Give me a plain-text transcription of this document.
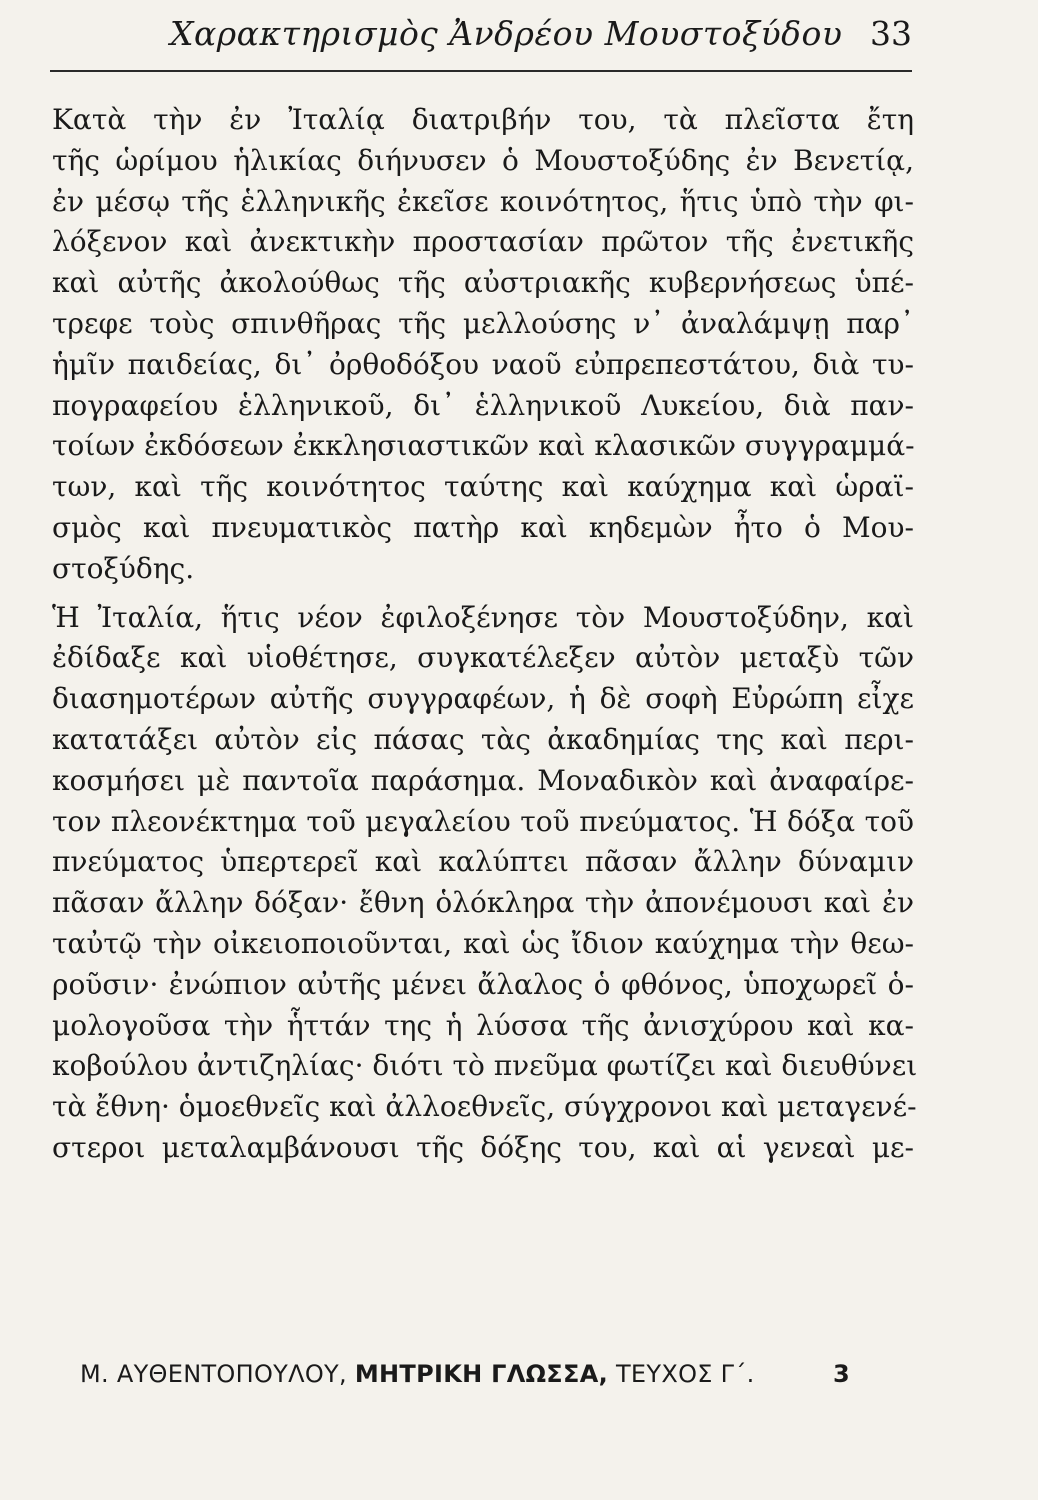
Χαρακτηρισμὸς Ἀνδρέου Μουστοξύδου 33
Κατὰ τὴν ἐν Ἰταλίᾳ διατριβήν του, τὰ πλεῖστα ἔτη
τῆς ὡρίμου ἡλικίας διήνυσεν ὁ Μουστοξύδης ἐν Βενετίᾳ,
ἐν μέσῳ τῆς ἑλληνικῆς ἐκεῖσε κοινότητος, ἥτις ὑπὸ τὴν φι-
λόξενον καὶ ἀνεκτικὴν προστασίαν πρῶτον τῆς ἐνετικῆς
καὶ αὐτῆς ἀκολούθως τῆς αὐστριακῆς κυβερνήσεως ὑπέ-
τρεφε τοὺς σπινθῆρας τῆς μελλούσης ν᾽ ἀναλάμψῃ παρ᾽
ἡμῖν παιδείας, δι᾽ ὀρθοδόξου ναοῦ εὐπρεπεστάτου, διὰ τυ-
πογραφείου ἑλληνικοῦ, δι᾽ ἑλληνικοῦ Λυκείου, διὰ παν-
τοίων ἐκδόσεων ἐκκλησιαστικῶν καὶ κλασικῶν συγγραμμά-
των, καὶ τῆς κοινότητος ταύτης καὶ καύχημα καὶ ὡραϊ-
σμὸς καὶ πνευματικὸς πατὴρ καὶ κηδεμὼν ἦτο ὁ Μου-
στοξύδης.
Ἡ Ἰταλία, ἥτις νέον ἐφιλοξένησε τὸν Μουστοξύδην, καὶ
ἐδίδαξε καὶ υἱοθέτησε, συγκατέλεξεν αὐτὸν μεταξὺ τῶν
διασημοτέρων αὐτῆς συγγραφέων, ἡ δὲ σοφὴ Εὐρώπη εἶχε
κατατάξει αὐτὸν εἰς πάσας τὰς ἀκαδημίας της καὶ περι-
κοσμήσει μὲ παντοῖα παράσημα. Μοναδικὸν καὶ ἀναφαίρε-
τον πλεονέκτημα τοῦ μεγαλείου τοῦ πνεύματος. Ἡ δόξα τοῦ
πνεύματος ὑπερτερεῖ καὶ καλύπτει πᾶσαν ἄλλην δύναμιν
πᾶσαν ἄλλην δόξαν· ἔθνη ὁλόκληρα τὴν ἀπονέμουσι καὶ ἐν
ταὐτῷ τὴν οἰκειοποιοῦνται, καὶ ὡς ἴδιον καύχημα τὴν θεω-
ροῦσιν· ἐνώπιον αὐτῆς μένει ἄλαλος ὁ φθόνος, ὑποχωρεῖ ὁ-
μολογοῦσα τὴν ἧττάν της ἡ λύσσα τῆς ἀνισχύρου καὶ κα-
κοβούλου ἀντιζηλίας· διότι τὸ πνεῦμα φωτίζει καὶ διευθύνει
τὰ ἔθνη· ὁμοεθνεῖς καὶ ἀλλοεθνεῖς, σύγχρονοι καὶ μεταγενέ-
στεροι μεταλαμβάνουσι τῆς δόξης του, καὶ αἱ γενεαὶ με-
Μ. ΑΥΘΕΝΤΟΠΟΥΛΟΥ, ΜΗΤΡΙΚΗ ΓΛΩΣΣΑ, ΤΕΥΧΟΣ Γ΄.	3
